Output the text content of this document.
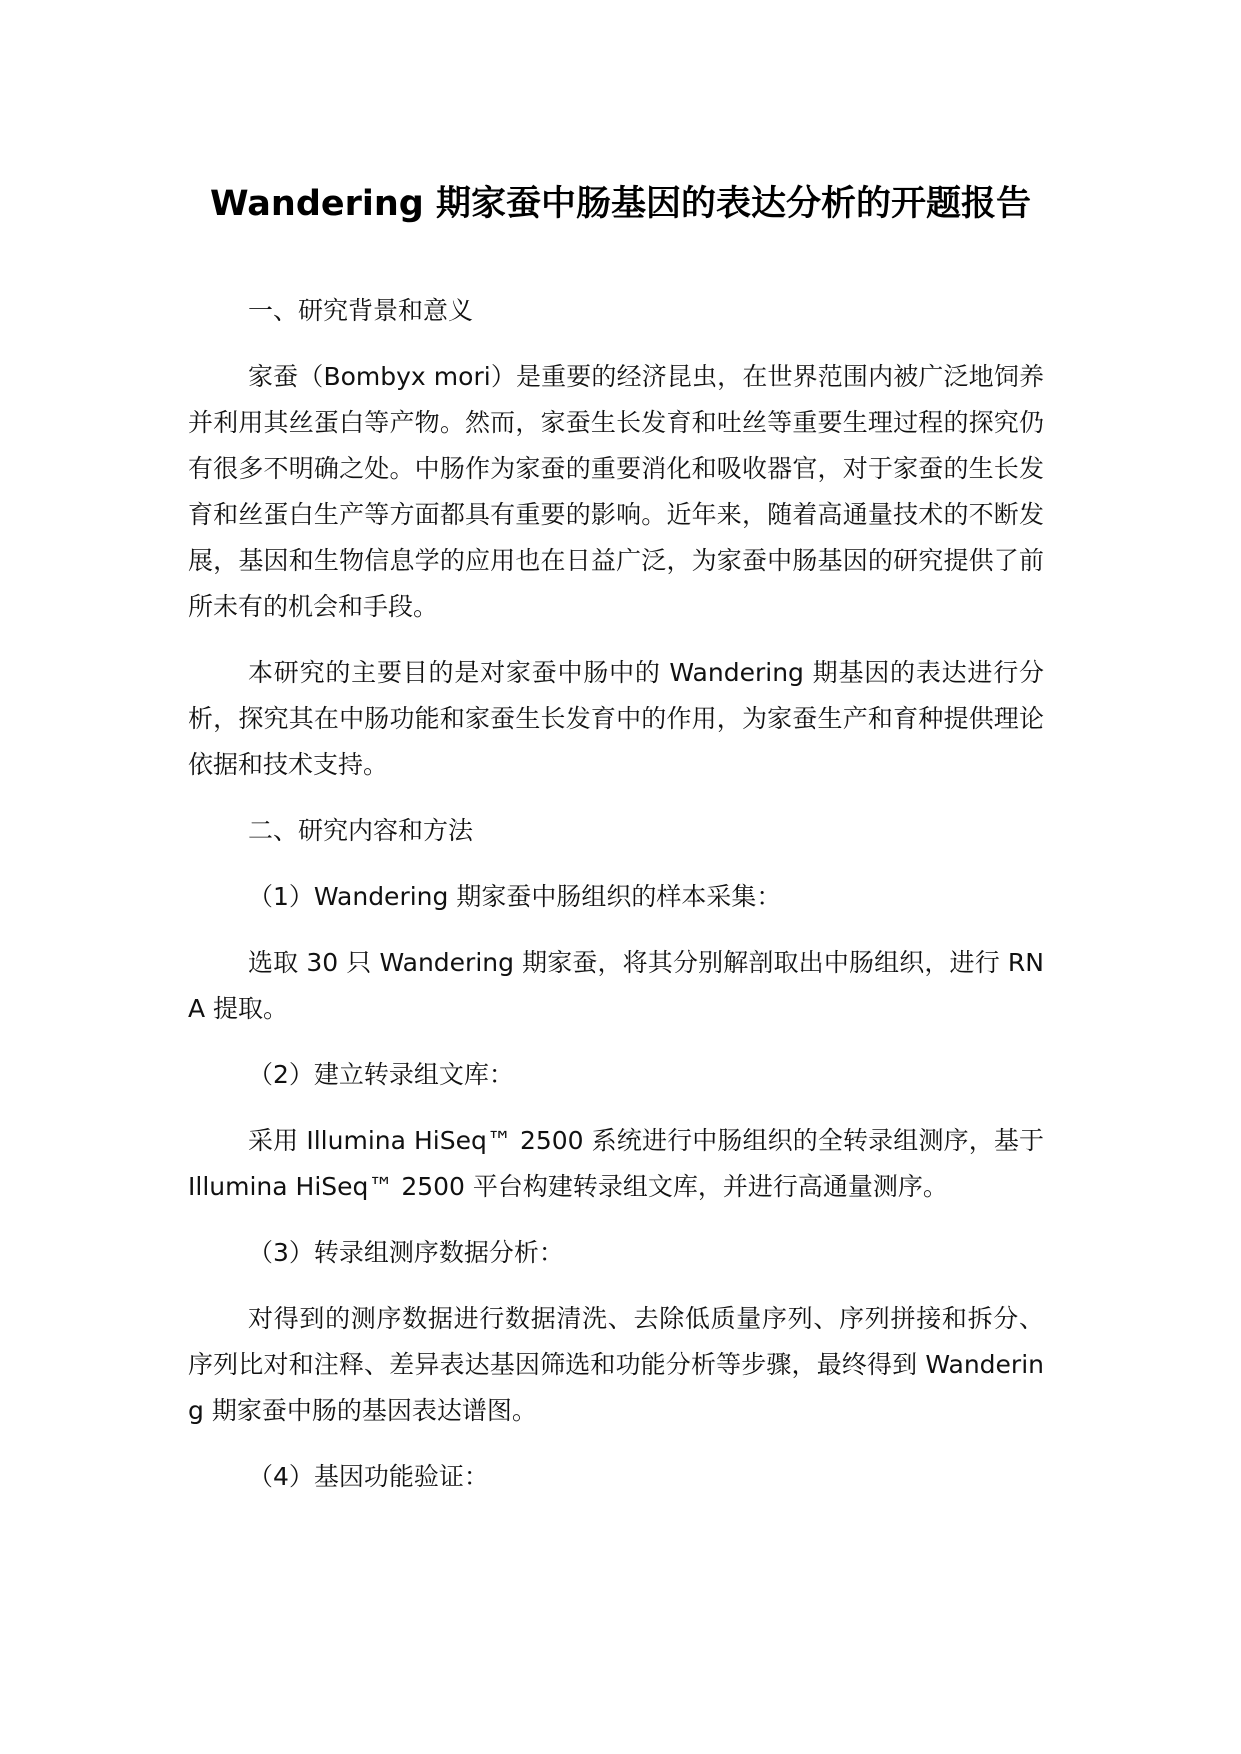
Wandering 期家蚕中肠基因的表达分析的开题报告

一、研究背景和意义

家蚕（Bombyx mori）是重要的经济昆虫，在世界范围内被广泛地饲养并利用其丝蛋白等产物。然而，家蚕生长发育和吐丝等重要生理过程的探究仍有很多不明确之处。中肠作为家蚕的重要消化和吸收器官，对于家蚕的生长发育和丝蛋白生产等方面都具有重要的影响。近年来，随着高通量技术的不断发展，基因和生物信息学的应用也在日益广泛，为家蚕中肠基因的研究提供了前所未有的机会和手段。

本研究的主要目的是对家蚕中肠中的 Wandering 期基因的表达进行分析，探究其在中肠功能和家蚕生长发育中的作用，为家蚕生产和育种提供理论依据和技术支持。

二、研究内容和方法

（1）Wandering 期家蚕中肠组织的样本采集：

选取 30 只 Wandering 期家蚕，将其分别解剖取出中肠组织，进行 RNA 提取。

（2）建立转录组文库：

采用 Illumina HiSeq™ 2500 系统进行中肠组织的全转录组测序，基于 Illumina HiSeq™ 2500 平台构建转录组文库，并进行高通量测序。

（3）转录组测序数据分析：

对得到的测序数据进行数据清洗、去除低质量序列、序列拼接和拆分、序列比对和注释、差异表达基因筛选和功能分析等步骤，最终得到 Wandering 期家蚕中肠的基因表达谱图。

（4）基因功能验证：
